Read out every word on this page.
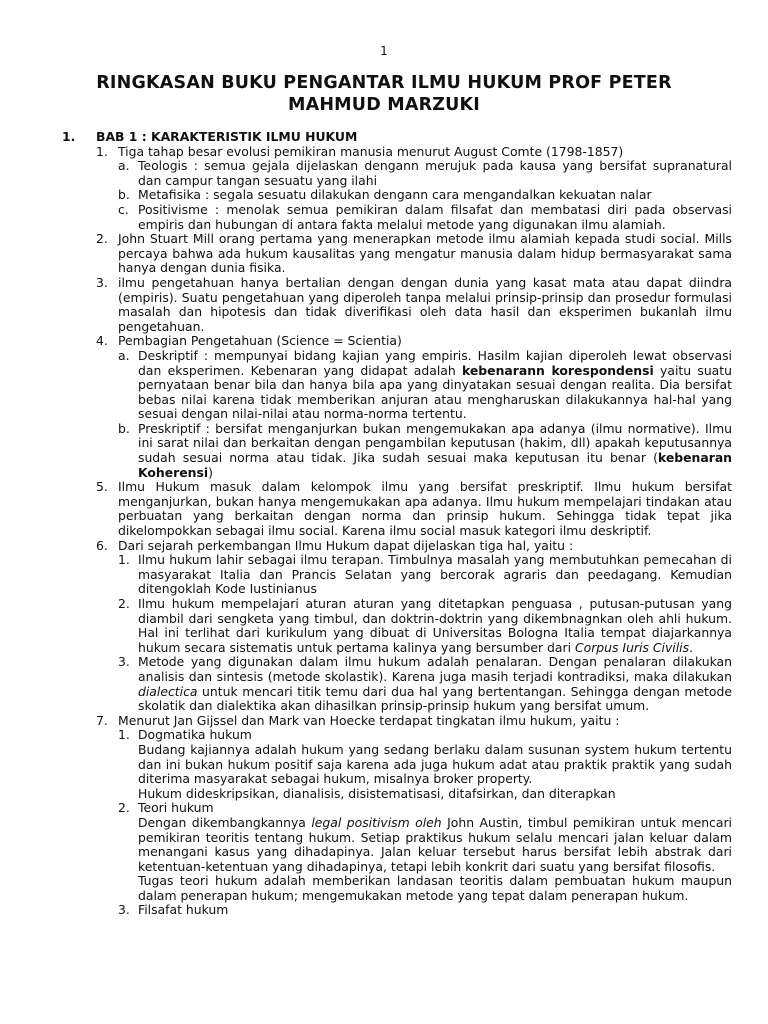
1
RINGKASAN BUKU PENGANTAR ILMU HUKUM PROF PETER
MAHMUD MARZUKI
1.	BAB 1 : KARAKTERISTIK ILMU HUKUM
1. Tiga tahap besar evolusi pemikiran manusia menurut August Comte (1798-1857)
a. Teologis : semua gejala dijelaskan dengann merujuk pada kausa yang bersifat supranatural dan campur tangan sesuatu yang ilahi
b. Metafisika : segala sesuatu dilakukan dengann cara mengandalkan kekuatan nalar
c. Positivisme : menolak semua pemikiran dalam filsafat dan membatasi diri pada observasi empiris dan hubungan di antara fakta melalui metode yang digunakan ilmu alamiah.
2. John Stuart Mill orang pertama yang menerapkan metode ilmu alamiah kepada studi social. Mills percaya bahwa ada hukum kausalitas yang mengatur manusia dalam hidup bermasyarakat sama hanya dengan dunia fisika.
3. ilmu pengetahuan hanya bertalian dengan dengan dunia yang kasat mata atau dapat diindra (empiris). Suatu pengetahuan yang diperoleh tanpa melalui prinsip-prinsip dan prosedur formulasi masalah dan hipotesis dan tidak diverifikasi oleh data hasil dan eksperimen bukanlah ilmu pengetahuan.
4. Pembagian Pengetahuan (Science = Scientia)
a. Deskriptif : mempunyai bidang kajian yang empiris. Hasilm kajian diperoleh lewat observasi dan eksperimen. Kebenaran yang didapat adalah kebenarann korespondensi yaitu suatu pernyataan benar bila dan hanya bila apa yang dinyatakan sesuai dengan realita. Dia bersifat bebas nilai karena tidak memberikan anjuran atau mengharuskan dilakukannya hal-hal yang sesuai dengan nilai-nilai atau norma-norma tertentu.
b. Preskriptif : bersifat menganjurkan bukan mengemukakan apa adanya (ilmu normative). Ilmu ini sarat nilai dan berkaitan dengan pengambilan keputusan (hakim, dll) apakah keputusannya sudah sesuai norma atau tidak. Jika sudah sesuai maka keputusan itu benar (kebenaran Koherensi)
5. Ilmu Hukum masuk dalam kelompok ilmu yang bersifat preskriptif. Ilmu hukum bersifat menganjurkan, bukan hanya mengemukakan apa adanya. Ilmu hukum mempelajari tindakan atau perbuatan yang berkaitan dengan norma dan prinsip hukum. Sehingga tidak tepat jika dikelompokkan sebagai ilmu social. Karena ilmu social masuk kategori ilmu deskriptif.
6. Dari sejarah perkembangan Ilmu Hukum dapat dijelaskan tiga hal, yaitu :
1. Ilmu hukum lahir sebagai ilmu terapan. Timbulnya masalah yang membutuhkan pemecahan di masyarakat Italia dan Prancis Selatan yang bercorak agraris dan peedagang. Kemudian ditengoklah Kode Iustinianus
2. Ilmu hukum mempelajari aturan aturan yang ditetapkan penguasa , putusan-putusan yang diambil dari sengketa yang timbul, dan doktrin-doktrin yang dikembnagnkan oleh ahli hukum. Hal ini terlihat dari kurikulum yang dibuat di Universitas Bologna Italia tempat diajarkannya hukum secara sistematis untuk pertama kalinya yang bersumber dari Corpus Iuris Civilis.
3. Metode yang digunakan dalam ilmu hukum adalah penalaran. Dengan penalaran dilakukan analisis dan sintesis (metode skolastik). Karena juga masih terjadi kontradiksi, maka dilakukan dialectica untuk mencari titik temu dari dua hal yang bertentangan. Sehingga dengan metode skolatik dan dialektika akan dihasilkan prinsip-prinsip hukum yang bersifat umum.
7. Menurut Jan Gijssel dan Mark van Hoecke terdapat tingkatan ilmu hukum, yaitu :
1. Dogmatika hukum
Budang kajiannya adalah hukum yang sedang berlaku dalam susunan system hukum tertentu dan ini bukan hukum positif saja karena ada juga hukum adat atau praktik praktik yang sudah diterima masyarakat sebagai hukum, misalnya broker property.
Hukum dideskripsikan, dianalisis, disistematisasi, ditafsirkan, dan diterapkan
2. Teori hukum
Dengan dikembangkannya legal positivism oleh John Austin, timbul pemikiran untuk mencari pemikiran teoritis tentang hukum. Setiap praktikus hukum selalu mencari jalan keluar dalam menangani kasus yang dihadapinya. Jalan keluar tersebut harus bersifat lebih abstrak dari ketentuan-ketentuan yang dihadapinya, tetapi lebih konkrit dari suatu yang bersifat filosofis.
Tugas teori hukum adalah memberikan landasan teoritis dalam pembuatan hukum maupun dalam penerapan hukum; mengemukakan metode yang tepat dalam penerapan hukum.
3. Filsafat hukum
